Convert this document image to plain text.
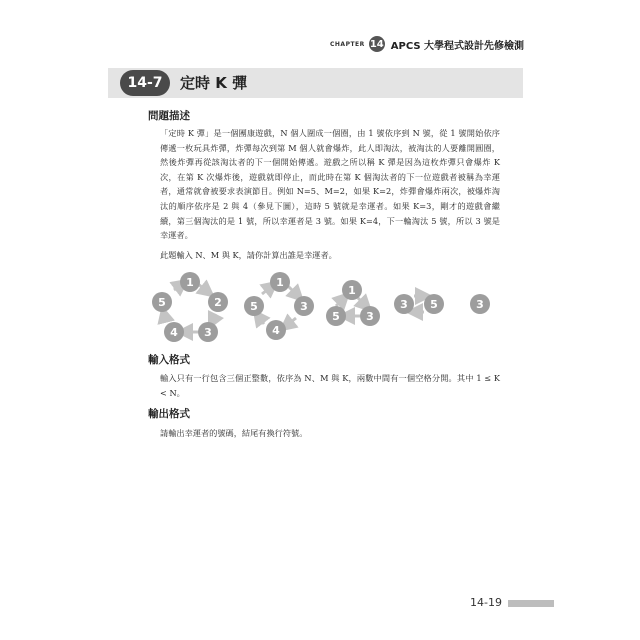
CHAPTER 14 APCS 大學程式設計先修檢測
14-7	定時 K 彈
問題描述
「定時 K 彈」是一個團康遊戲，N 個人圍成一個圈，由 1 號依序到 N 號，從 1 號開始依序傳遞一枚玩具炸彈，炸彈每次到第 M 個人就會爆炸，此人即淘汰，被淘汰的人要離開圓圈，然後炸彈再從該淘汰者的下一個開始傳遞。遊戲之所以稱 K 彈是因為這枚炸彈只會爆炸 K 次，在第 K 次爆炸後，遊戲就即停止，而此時在第 K 個淘汰者的下一位遊戲者被稱為幸運者，通常就會被要求表演節目。例如 N=5、M=2，如果 K=2，炸彈會爆炸兩次，被爆炸淘汰的順序依序是 2 與 4（參見下圖），這時 5 號就是幸運者。如果 K=3，剛才的遊戲會繼續，第三個淘汰的是 1 號，所以幸運者是 3 號。如果 K=4，下一輪淘汰 5 號，所以 3 號是幸運者。
此題輸入 N、M 與 K，請你計算出誰是幸運者。
1
2
3
4
5
1
3
4
5
1
3
5
3 5	3
輸入格式
輸入只有一行包含三個正整數，依序為 N、M 與 K，兩數中間有一個空格分開。其中 1 ≤ K < N。
輸出格式
請輸出幸運者的號碼，結尾有換行符號。
14-19
